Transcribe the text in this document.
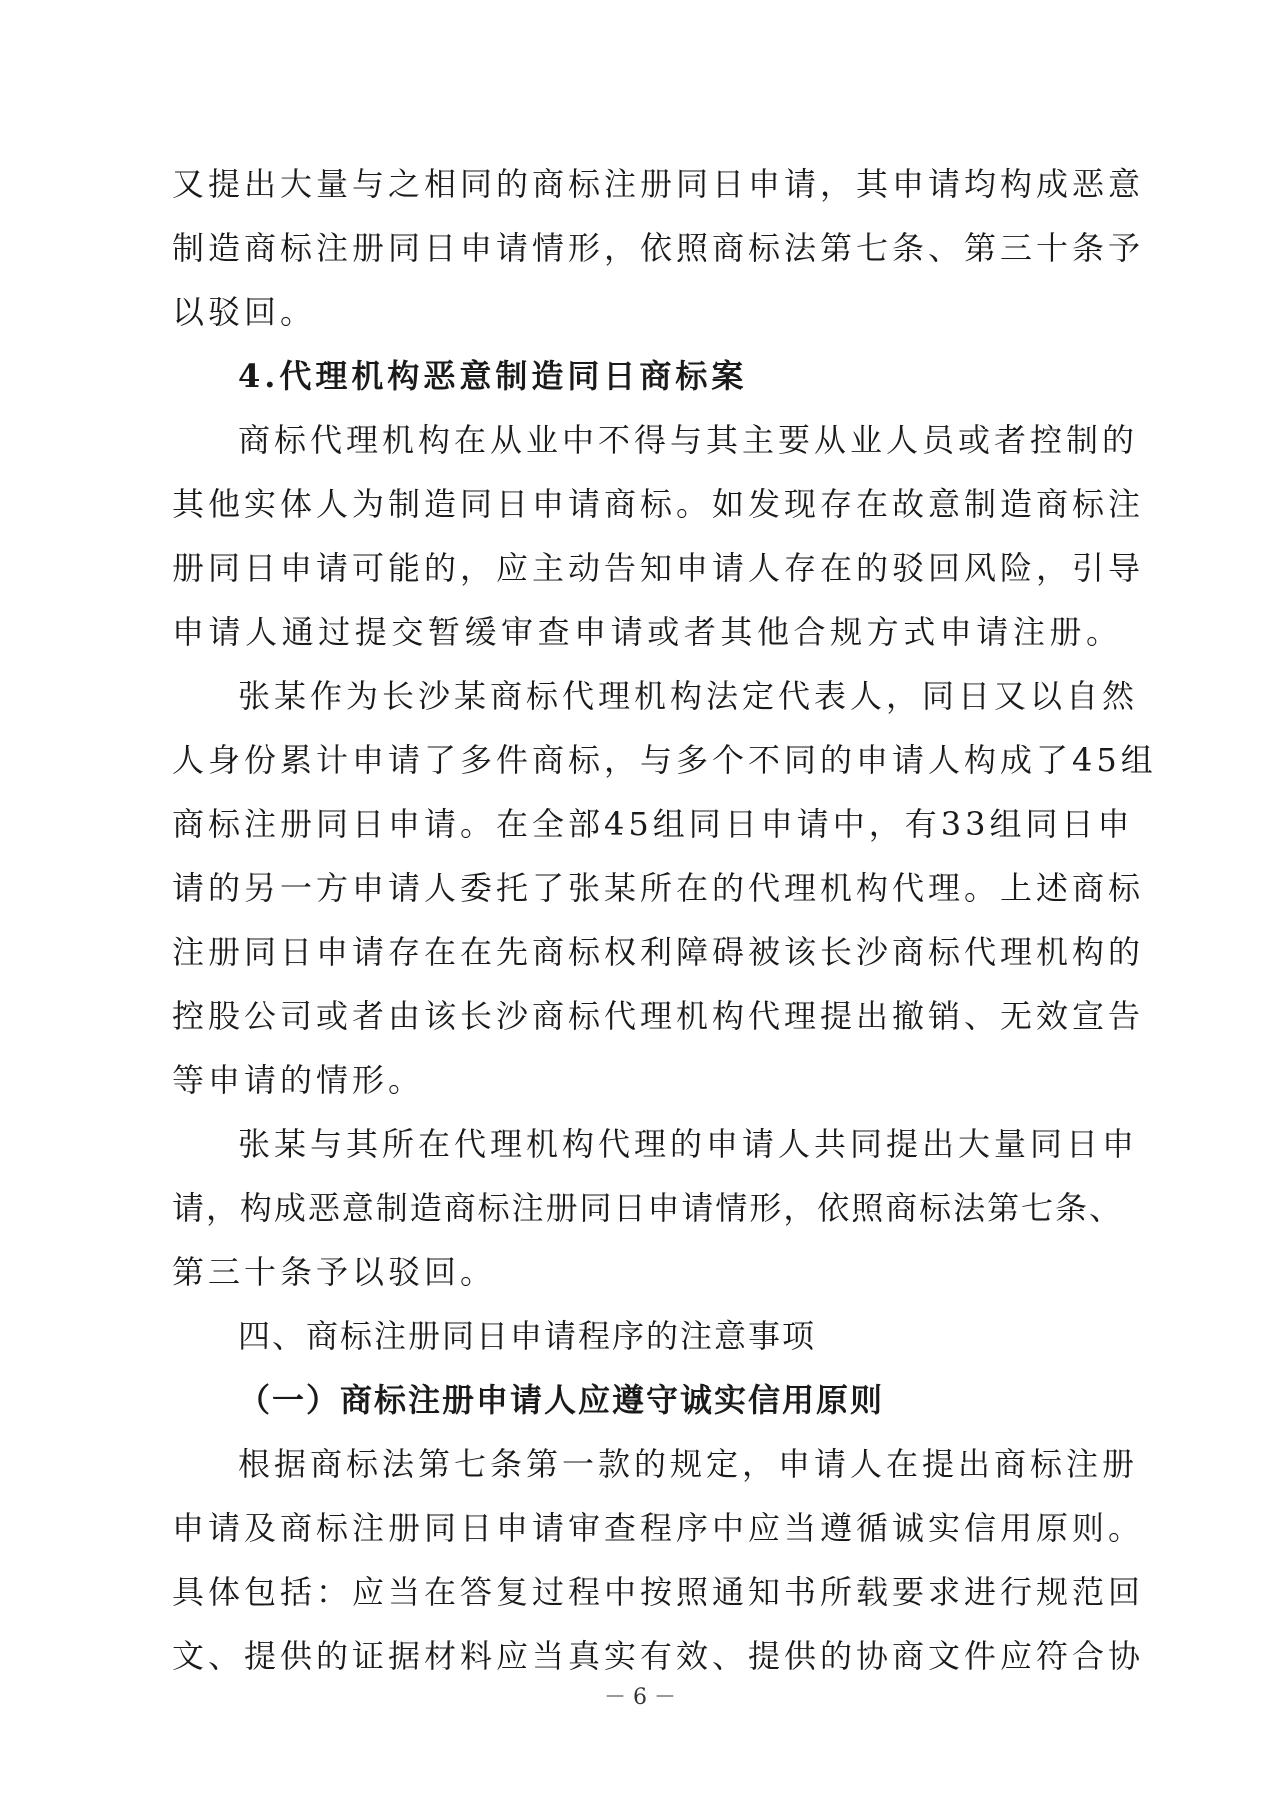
又提出大量与之相同的商标注册同日申请，其申请均构成恶意
制造商标注册同日申请情形，依照商标法第七条、第三十条予
以驳回。
4.代理机构恶意制造同日商标案
商标代理机构在从业中不得与其主要从业人员或者控制的
其他实体人为制造同日申请商标。如发现存在故意制造商标注
册同日申请可能的，应主动告知申请人存在的驳回风险，引导
申请人通过提交暂缓审查申请或者其他合规方式申请注册。
张某作为长沙某商标代理机构法定代表人，同日又以自然
人身份累计申请了多件商标，与多个不同的申请人构成了45组
商标注册同日申请。在全部45组同日申请中，有33组同日申
请的另一方申请人委托了张某所在的代理机构代理。上述商标
注册同日申请存在在先商标权利障碍被该长沙商标代理机构的
控股公司或者由该长沙商标代理机构代理提出撤销、无效宣告
等申请的情形。
张某与其所在代理机构代理的申请人共同提出大量同日申
请，构成恶意制造商标注册同日申请情形，依照商标法第七条、
第三十条予以驳回。
四、商标注册同日申请程序的注意事项
（一）商标注册申请人应遵守诚实信用原则
根据商标法第七条第一款的规定，申请人在提出商标注册
申请及商标注册同日申请审查程序中应当遵循诚实信用原则。
具体包括：应当在答复过程中按照通知书所载要求进行规范回
文、提供的证据材料应当真实有效、提供的协商文件应符合协
－ 6 －
